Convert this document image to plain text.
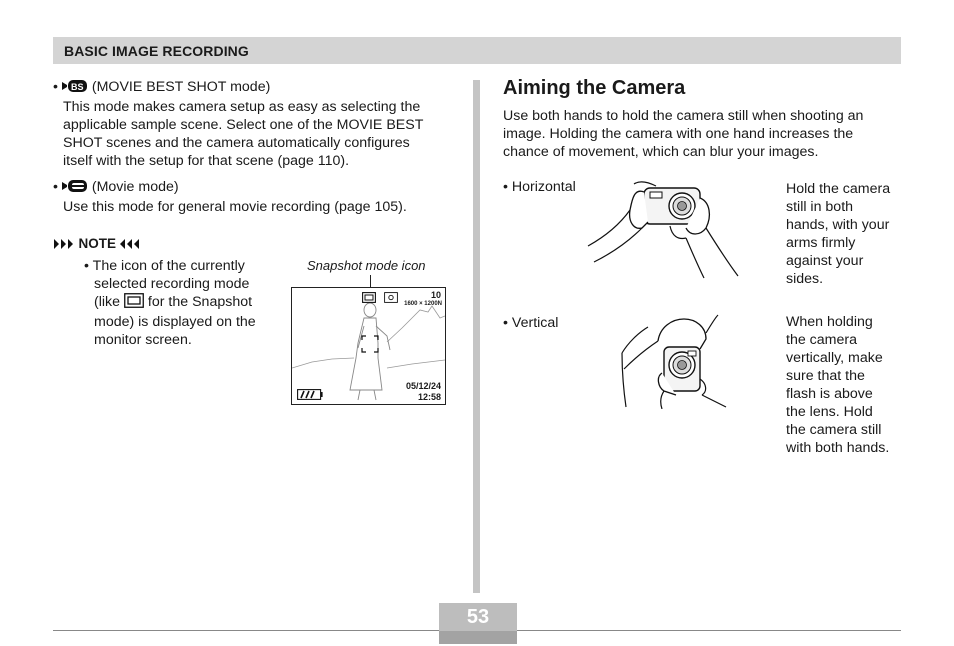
BASIC IMAGE RECORDING
• BS (MOVIE BEST SHOT mode)
This mode makes camera setup as easy as selecting the
applicable sample scene. Select one of the MOVIE BEST
SHOT scenes and the camera automatically configures
itself with the setup for that scene (page 110).
•  (Movie mode)
Use this mode for general movie recording (page 105).
NOTE
• The icon of the currently
selected recording mode
(like for the Snapshot
mode) is displayed on the
monitor screen.
Snapshot mode icon
10
1600 × 1200N
05/12/24
12:58
Aiming the Camera
Use both hands to hold the camera still when shooting an
image. Holding the camera with one hand increases the
chance of movement, which can blur your images.
• Horizontal	Hold the camera
still in both
hands, with your
arms firmly
against your
sides.
• Vertical	When holding
the camera
vertically, make
sure that the
flash is above
the lens. Hold
the camera still
with both hands.
53
